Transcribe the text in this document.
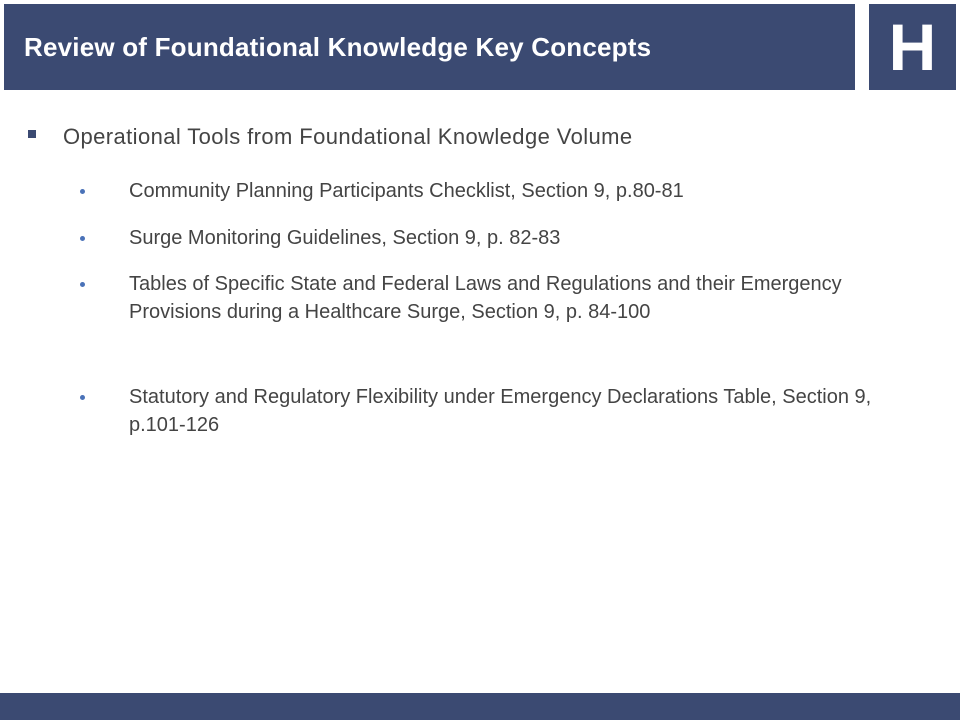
Review of Foundational Knowledge Key Concepts	H
Operational Tools from Foundational Knowledge Volume
Community Planning Participants Checklist, Section 9, p.80-81
Surge Monitoring Guidelines, Section 9, p. 82-83
Tables of Specific State and Federal Laws and Regulations and their Emergency Provisions during a Healthcare Surge, Section 9, p. 84-100
Statutory and Regulatory Flexibility under Emergency Declarations Table, Section 9, p.101-126
